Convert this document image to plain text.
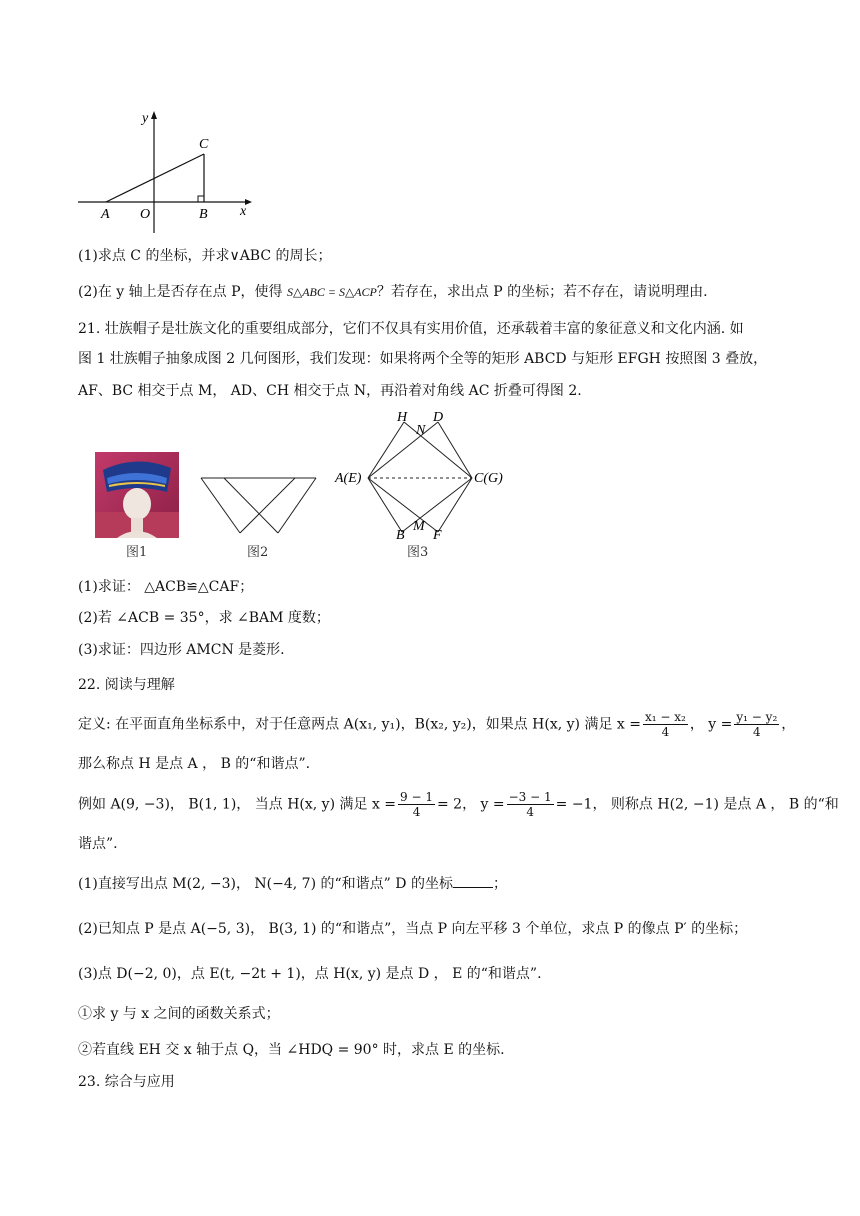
y
C
A O	B x
(1)求点 C 的坐标，并求∨ABC 的周长；
(2)在 y 轴上是否存在点 P，使得 S△ABC = S△ACP？若存在，求出点 P 的坐标；若不存在，请说明理由.
21. 壮族帽子是壮族文化的重要组成部分，它们不仅具有实用价值，还承载着丰富的象征意义和文化内涵. 如
图 1 壮族帽子抽象成图 2 几何图形，我们发现：如果将两个全等的矩形 ABCD 与矩形 EFGH 按照图 3 叠放，
AF、BC 相交于点 M， AD、CH 相交于点 N，再沿着对角线 AC 折叠可得图 2.
图1	图2
H D
N
A(E)	C(G)
B
M
F
图3
(1)求证： △ACB≌△CAF；
(2)若 ∠ACB = 35°，求 ∠BAM 度数；
(3)求证：四边形 AMCN 是菱形.
22. 阅读与理解
定义: 在平面直角坐标系中，对于任意两点 A(x₁, y₁)，B(x₂, y₂)，如果点 H(x, y) 满足 $x = \frac{\text{x₁ − x₂}}{4}$ ， $y = \frac{\text{y₁ − y₂}}{4}$ ，
那么称点 H 是点 A ， B 的“和谐点”.
例如 A(9, −3)， B(1, 1)， 当点 H(x, y) 满足 $x = \frac{9 - 1}{4} = 2$， $y = \frac{-3 - 1}{4} = -1$， 则称点 H(2, −1) 是点 A ， B 的“和
谐点”.
(1)直接写出点 M(2, −3)， N(−4, 7) 的“和谐点” D 的坐标	；
(2)已知点 P 是点 A(−5, 3)， B(3, 1) 的“和谐点”，当点 P 向左平移 3 个单位，求点 P 的像点 P′ 的坐标；
(3)点 D(−2, 0)，点 E(t, −2t + 1)，点 H(x, y) 是点 D ， E 的“和谐点”.
①求 y 与 x 之间的函数关系式；
②若直线 EH 交 x 轴于点 Q，当 ∠HDQ = 90° 时，求点 E 的坐标.
23. 综合与应用
